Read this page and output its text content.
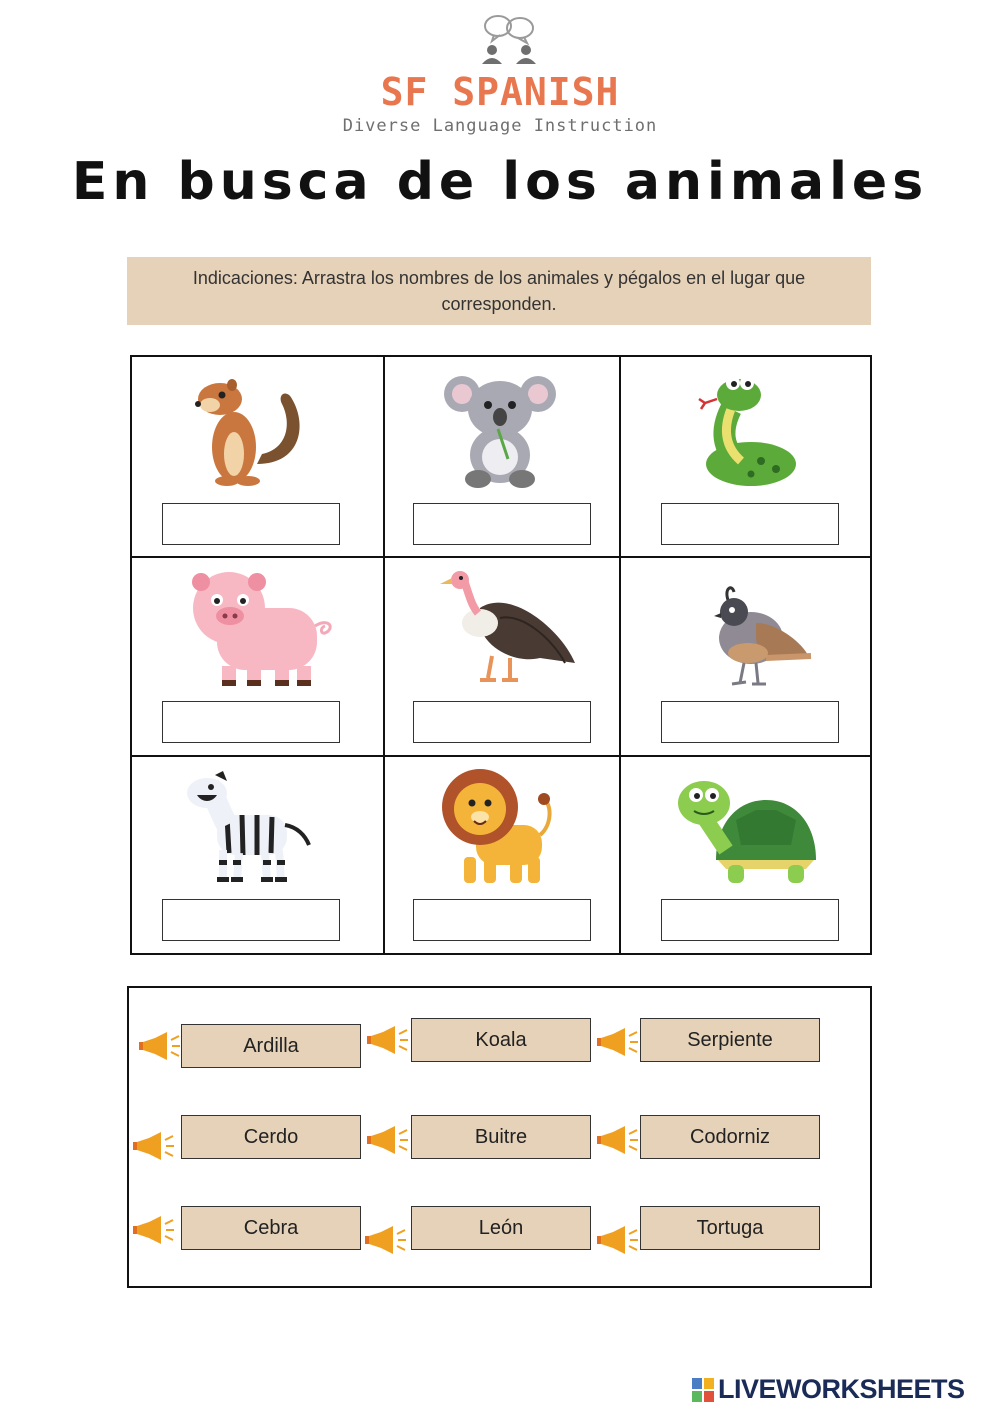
SF SPANISH
Diverse Language Instruction
En busca de los animales
Indicaciones: Arrastra los nombres de los animales y pégalos en el lugar que corresponden.
Ardilla	Koala	Serpiente
Cerdo	Buitre	Codorniz
Cebra	León	Tortuga
LIVEWORKSHEETS
